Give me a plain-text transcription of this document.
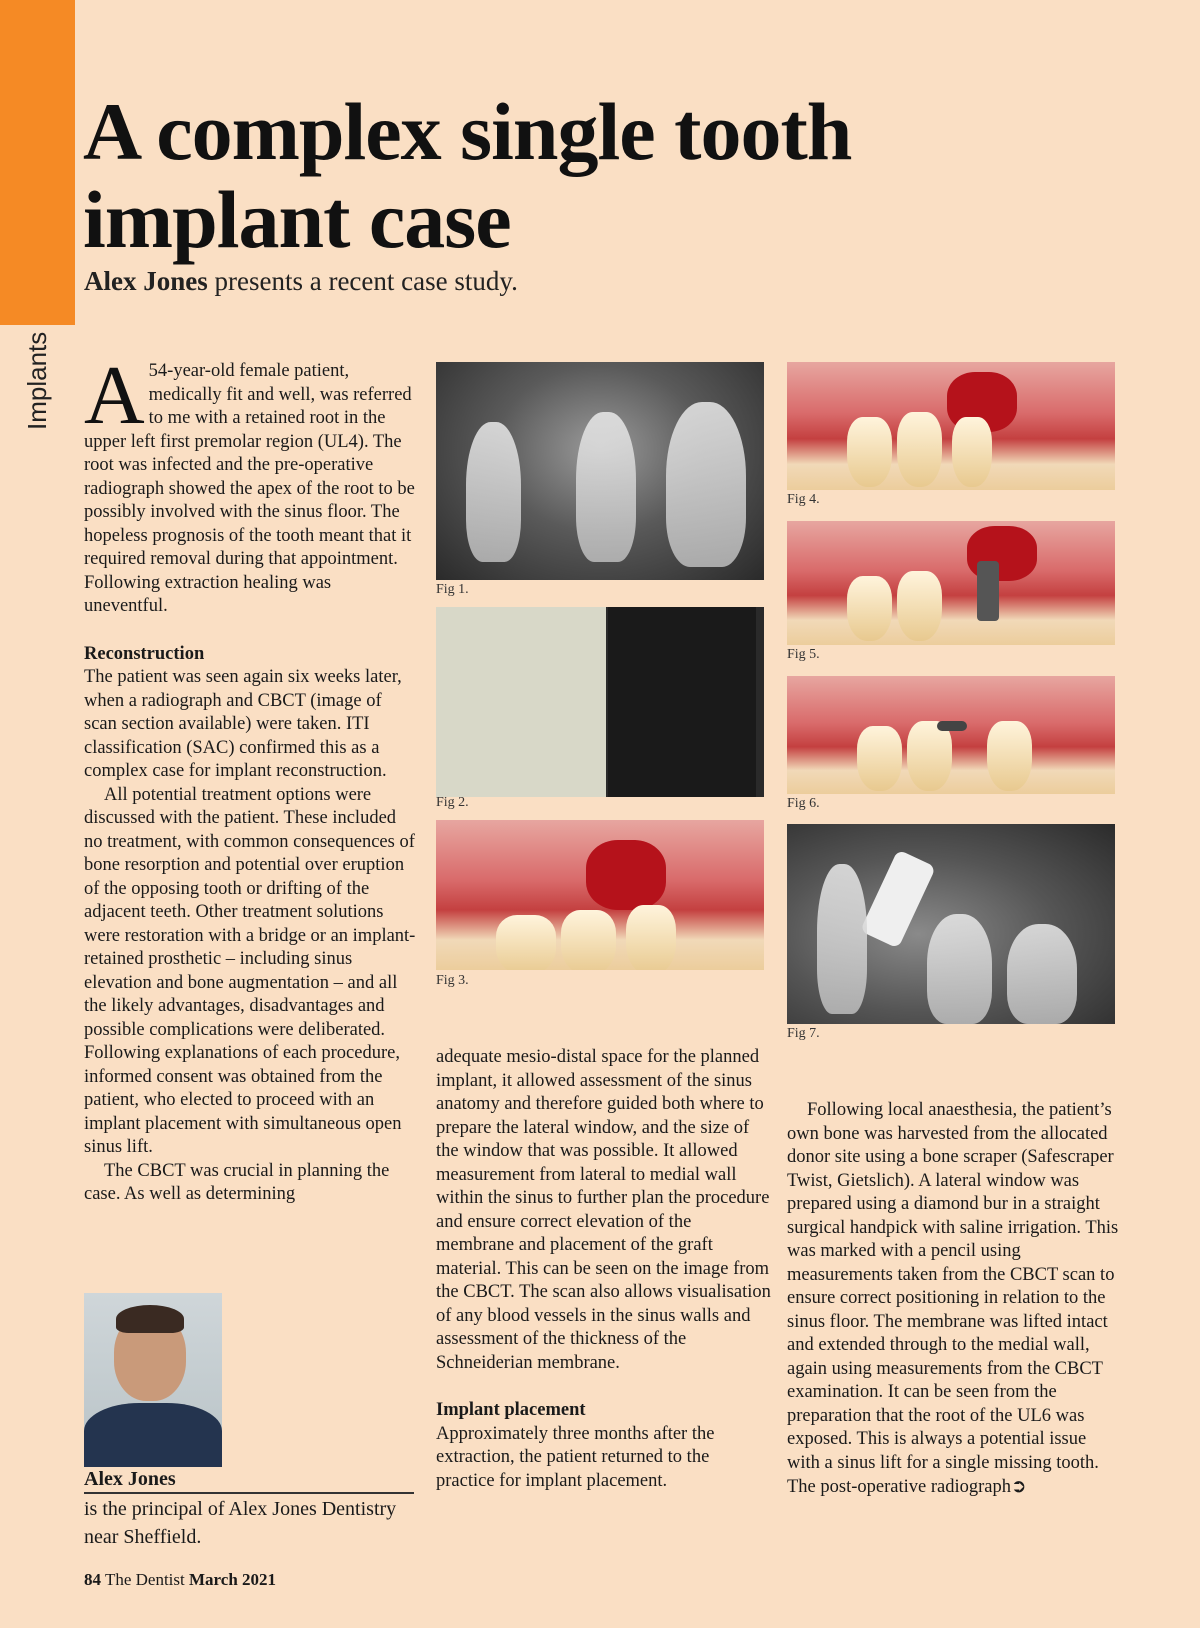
Implants
A complex single tooth
implant case
Alex Jones presents a recent case study.

A 54-year-old female patient, medically fit and well, was referred to me with a retained root in the upper left first premolar region (UL4). The root was infected and the pre-operative radiograph showed the apex of the root to be possibly involved with the sinus floor. The hopeless prognosis of the tooth meant that it required removal during that appointment. Following extraction healing was uneventful.

Reconstruction

The patient was seen again six weeks later, when a radiograph and CBCT (image of scan section available) were taken. ITI classification (SAC) confirmed this as a complex case for implant reconstruction.

All potential treatment options were discussed with the patient. These included no treatment, with common consequences of bone resorption and potential over eruption of the opposing tooth or drifting of the adjacent teeth. Other treatment solutions were restoration with a bridge or an implant-retained prosthetic – including sinus elevation and bone augmentation – and all the likely advantages, disadvantages and possible complications were deliberated. Following explanations of each procedure, informed consent was obtained from the patient, who elected to proceed with an implant placement with simultaneous open sinus lift.

The CBCT was crucial in planning the case. As well as determining

Fig 1.
Fig 2.
Fig 3.
Fig 4.
Fig 5.
Fig 6.
Fig 7.

adequate mesio-distal space for the planned implant, it allowed assessment of the sinus anatomy and therefore guided both where to prepare the lateral window, and the size of the window that was possible. It allowed measurement from lateral to medial wall within the sinus to further plan the procedure and ensure correct elevation of the membrane and placement of the graft material. This can be seen on the image from the CBCT. The scan also allows visualisation of any blood vessels in the sinus walls and assessment of the thickness of the Schneiderian membrane.

Implant placement

Approximately three months after the extraction, the patient returned to the practice for implant placement.

Following local anaesthesia, the patient’s own bone was harvested from the allocated donor site using a bone scraper (Safescraper Twist, Gietslich). A lateral window was prepared using a diamond bur in a straight surgical handpick with saline irrigation. This was marked with a pencil using measurements taken from the CBCT scan to ensure correct positioning in relation to the sinus floor. The membrane was lifted intact and extended through to the medial wall, again using measurements from the CBCT examination. It can be seen from the preparation that the root of the UL6 was exposed. This is always a potential issue with a sinus lift for a single missing tooth. The post-operative radiograph➲

Alex Jones
is the principal of Alex Jones Dentistry near Sheffield.
84 The Dentist March 2021
